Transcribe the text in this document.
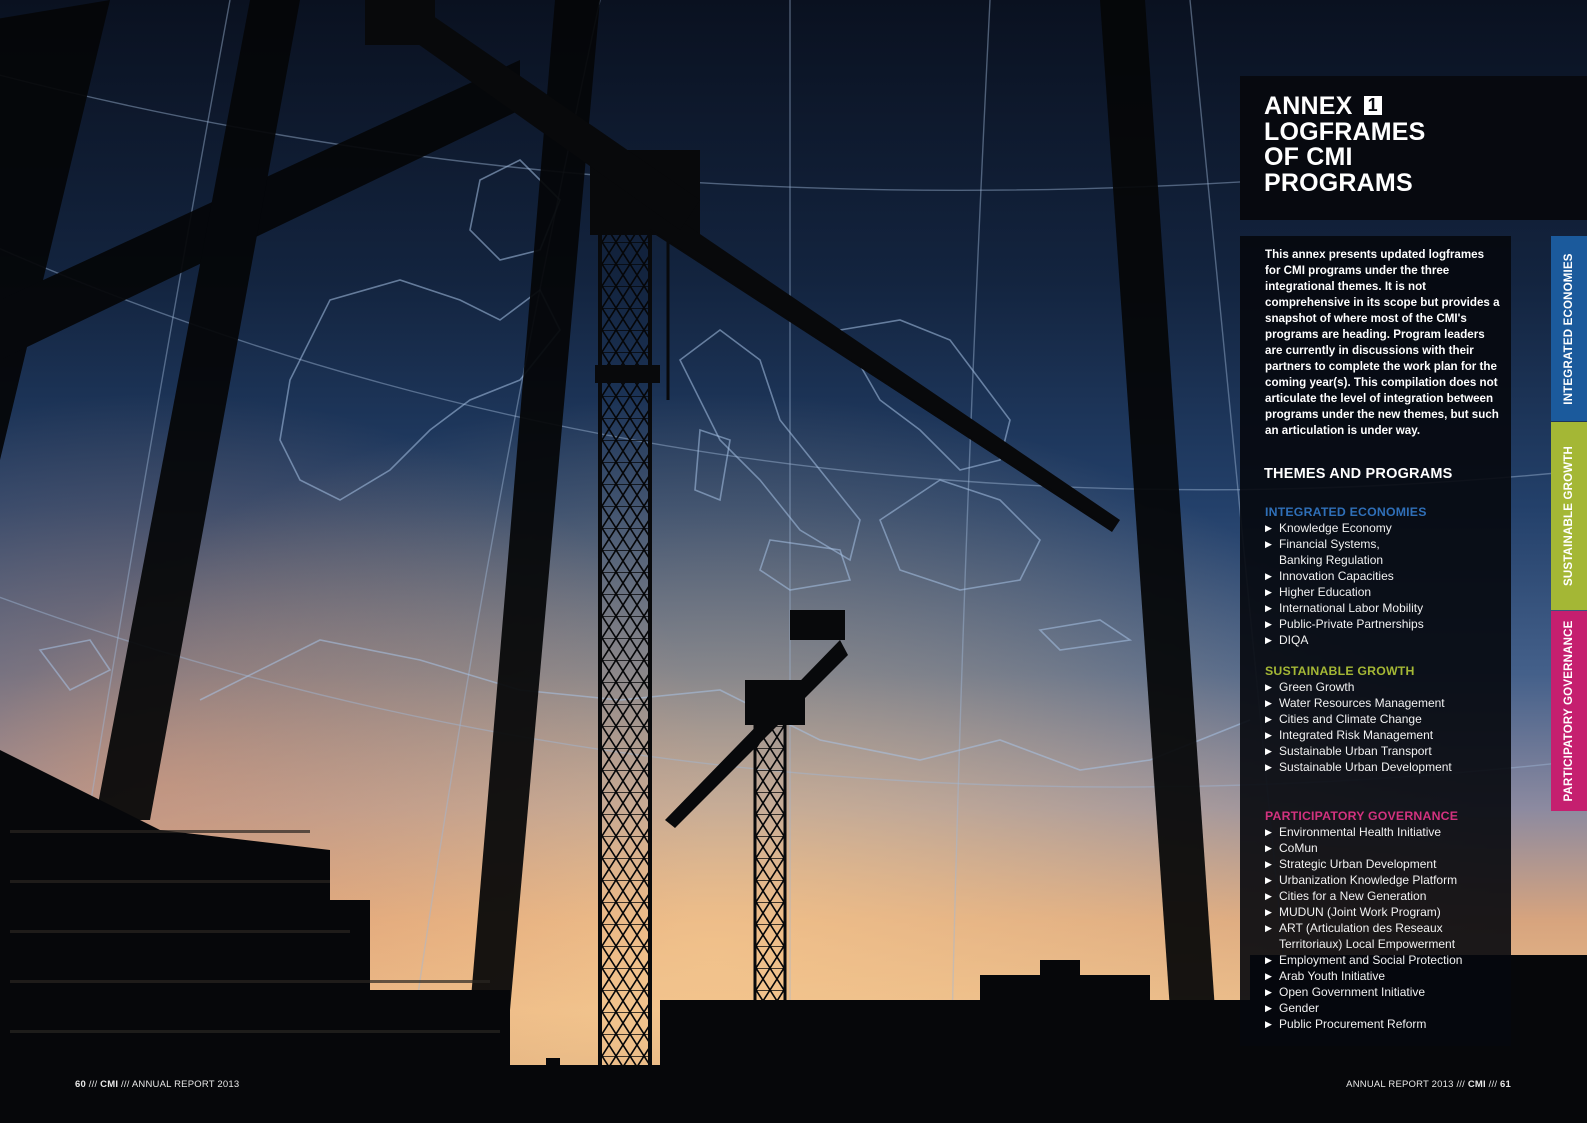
ANNEX 1
LOGFRAMES
OF CMI
PROGRAMS

This annex presents updated logframes for CMI programs under the three integrational themes. It is not comprehensive in its scope but provides a snapshot of where most of the CMI's programs are heading. Program leaders are currently in discussions with their partners to complete the work plan for the coming year(s). This compilation does not articulate the level of integration between programs under the new themes, but such an articulation is under way.

THEMES AND PROGRAMS
INTEGRATED ECONOMIES
▶ Knowledge Economy
▶ Financial Systems, Banking Regulation
▶ Innovation Capacities
▶ Higher Education
▶ International Labor Mobility
▶ Public-Private Partnerships
▶ DIQA
SUSTAINABLE GROWTH
▶ Green Growth
▶ Water Resources Management
▶ Cities and Climate Change
▶ Integrated Risk Management
▶ Sustainable Urban Transport
▶ Sustainable Urban Development
PARTICIPATORY GOVERNANCE
▶ Environmental Health Initiative
▶ CoMun
▶ Strategic Urban Development
▶ Urbanization Knowledge Platform
▶ Cities for a New Generation
▶ MUDUN (Joint Work Program)
▶ ART (Articulation des Reseaux Territoriaux) Local Empowerment
▶ Employment and Social Protection
▶ Arab Youth Initiative
▶ Open Government Initiative
▶ Gender
▶ Public Procurement Reform
INTEGRATED ECONOMIES
SUSTAINABLE GROWTH
PARTICIPATORY GOVERNANCE
60 /// CMI /// ANNUAL REPORT 2013	ANNUAL REPORT 2013 /// CMI /// 61
